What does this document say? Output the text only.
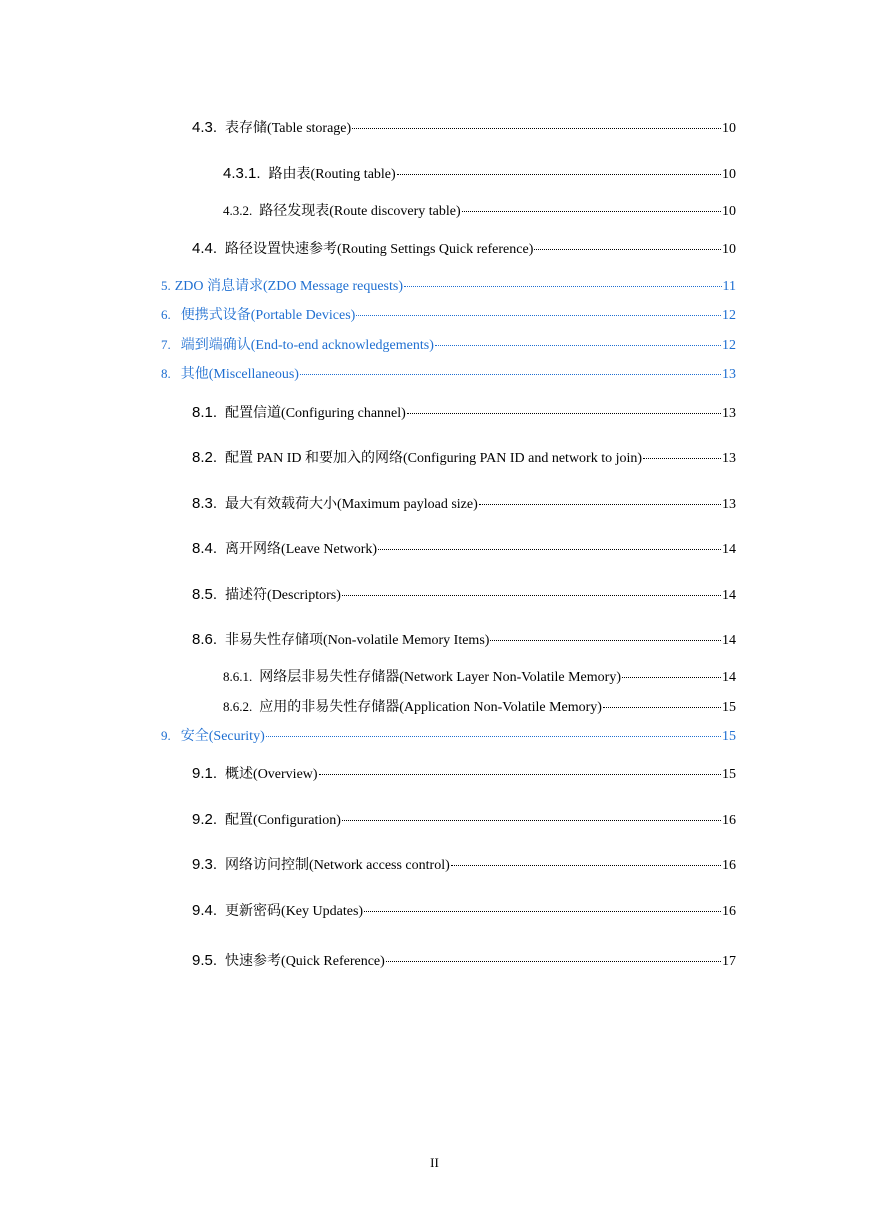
4.3. 表存储(Table storage)	10
4.3.1. 路由表(Routing table)	10
4.3.2. 路径发现表(Route discovery table)	10
4.4. 路径设置快速参考(Routing Settings Quick reference)	10
5. ZDO 消息请求(ZDO Message requests)	11
6. 便携式设备(Portable Devices)	12
7. 端到端确认(End-to-end acknowledgements)	12
8. 其他(Miscellaneous)	13
8.1. 配置信道(Configuring channel)	13
8.2. 配置 PAN ID 和要加入的网络(Configuring PAN ID and network to join)	13
8.3. 最大有效载荷大小(Maximum payload size)	13
8.4. 离开网络(Leave Network)	14
8.5. 描述符(Descriptors)	14
8.6. 非易失性存储项(Non-volatile Memory Items)	14
8.6.1. 网络层非易失性存储器(Network Layer Non-Volatile Memory)	14
8.6.2. 应用的非易失性存储器(Application Non-Volatile Memory)	15
9. 安全(Security)	15
9.1. 概述(Overview)	15
9.2. 配置(Configuration)	16
9.3. 网络访问控制(Network access control)	16
9.4. 更新密码(Key Updates)	16
9.5. 快速参考(Quick Reference)	17
II
